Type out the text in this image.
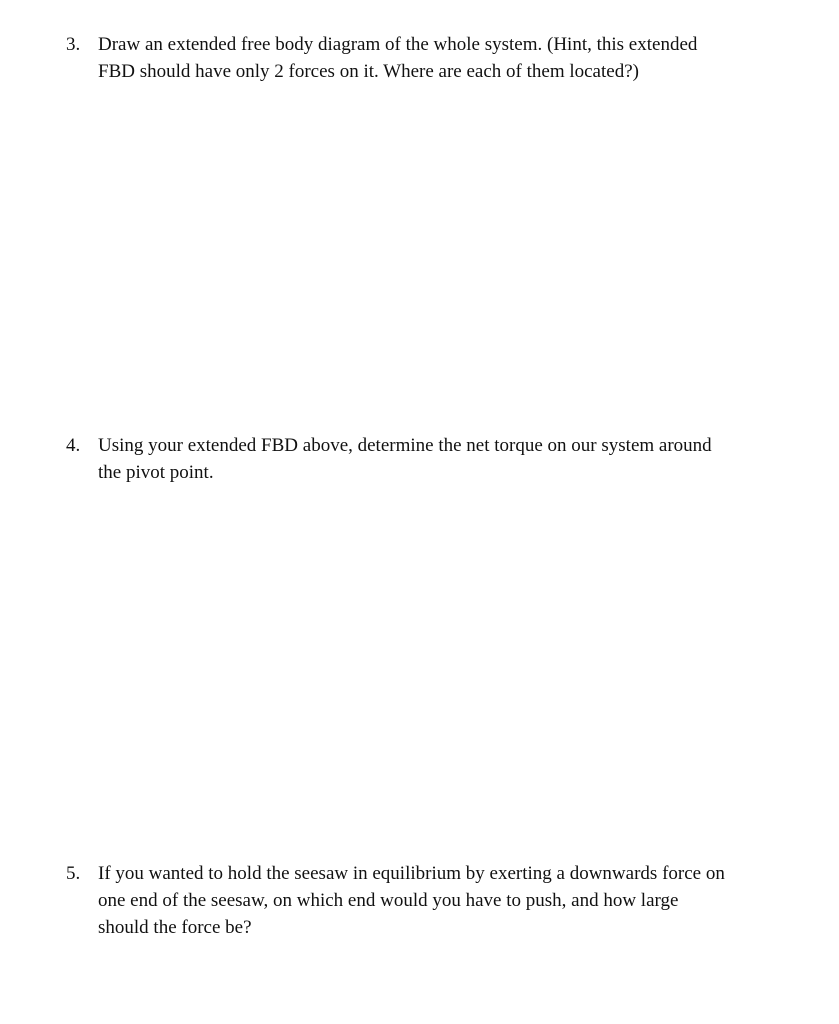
3. Draw an extended free body diagram of the whole system. (Hint, this extended
FBD should have only 2 forces on it. Where are each of them located?)
4. Using your extended FBD above, determine the net torque on our system around
the pivot point.
5. If you wanted to hold the seesaw in equilibrium by exerting a downwards force on
one end of the seesaw, on which end would you have to push, and how large
should the force be?
